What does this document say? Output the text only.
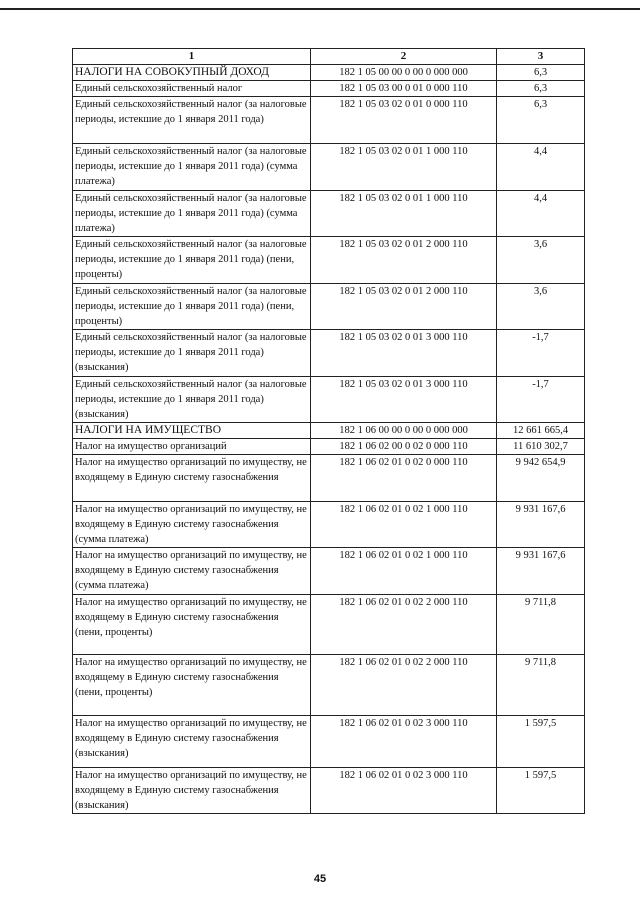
1	2	3
НАЛОГИ НА СОВОКУПНЫЙ ДОХОД	182 1 05 00 00 0 00 0 000 000	6,3
Единый сельскохозяйственный налог	182 1 05 03 00 0 01 0 000 110	6,3
Единый сельскохозяйственный налог (за налоговые периоды, истекшие до 1 января 2011 года)	182 1 05 03 02 0 01 0 000 110	6,3
Единый сельскохозяйственный налог (за налоговые периоды, истекшие до 1 января 2011 года) (сумма платежа)	182 1 05 03 02 0 01 1 000 110	4,4
Единый сельскохозяйственный налог (за налоговые периоды, истекшие до 1 января 2011 года) (сумма платежа)	182 1 05 03 02 0 01 1 000 110	4,4
Единый сельскохозяйственный налог (за налоговые периоды, истекшие до 1 января 2011 года) (пени, проценты)	182 1 05 03 02 0 01 2 000 110	3,6
Единый сельскохозяйственный налог (за налоговые периоды, истекшие до 1 января 2011 года) (пени, проценты)	182 1 05 03 02 0 01 2 000 110	3,6
Единый сельскохозяйственный налог (за налоговые периоды, истекшие до 1 января 2011 года) (взыскания)	182 1 05 03 02 0 01 3 000 110	-1,7
Единый сельскохозяйственный налог (за налоговые периоды, истекшие до 1 января 2011 года) (взыскания)	182 1 05 03 02 0 01 3 000 110	-1,7
НАЛОГИ НА ИМУЩЕСТВО	182 1 06 00 00 0 00 0 000 000	12 661 665,4
Налог на имущество организаций	182 1 06 02 00 0 02 0 000 110	11 610 302,7
Налог на имущество организаций по имуществу, не входящему в Единую систему газоснабжения	182 1 06 02 01 0 02 0 000 110	9 942 654,9
Налог на имущество организаций по имуществу, не входящему в Единую систему газоснабжения (сумма платежа)	182 1 06 02 01 0 02 1 000 110	9 931 167,6
Налог на имущество организаций по имуществу, не входящему в Единую систему газоснабжения (сумма платежа)	182 1 06 02 01 0 02 1 000 110	9 931 167,6
Налог на имущество организаций по имуществу, не входящему в Единую систему газоснабжения (пени, проценты)	182 1 06 02 01 0 02 2 000 110	9 711,8
Налог на имущество организаций по имуществу, не входящему в Единую систему газоснабжения (пени, проценты)	182 1 06 02 01 0 02 2 000 110	9 711,8
Налог на имущество организаций по имуществу, не входящему в Единую систему газоснабжения (взыскания)	182 1 06 02 01 0 02 3 000 110	1 597,5
Налог на имущество организаций по имуществу, не входящему в Единую систему газоснабжения (взыскания)	182 1 06 02 01 0 02 3 000 110	1 597,5
45
